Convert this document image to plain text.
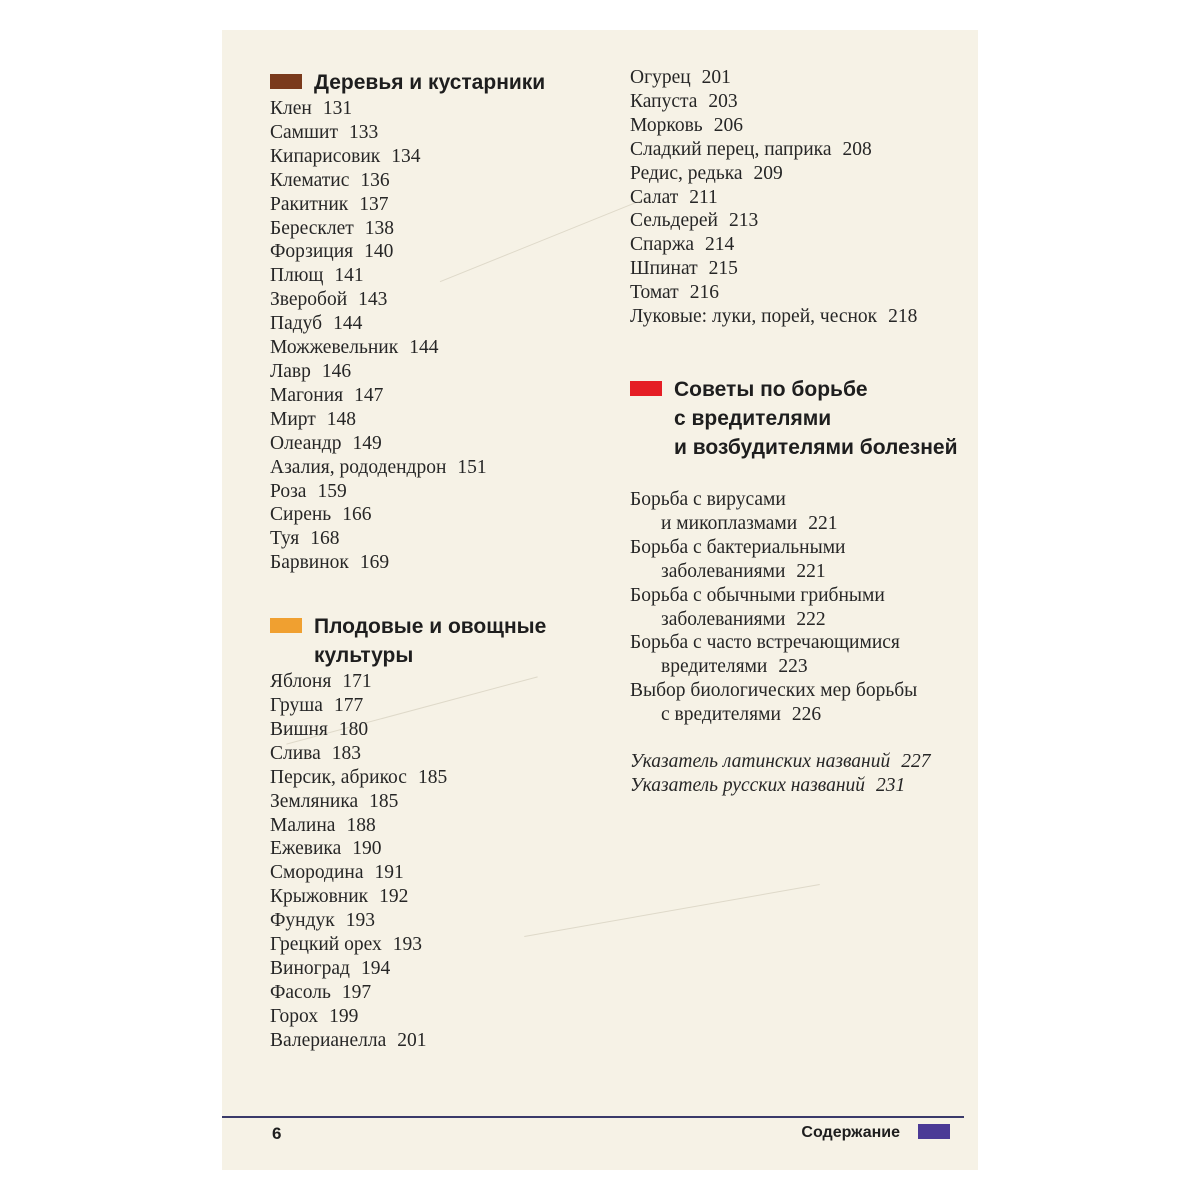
Деревья и кустарники
Клен 131
Самшит 133
Кипарисовик 134
Клематис 136
Ракитник 137
Бересклет 138
Форзиция 140
Плющ 141
Зверобой 143
Падуб 144
Можжевельник 144
Лавр 146
Магония 147
Мирт 148
Олеандр 149
Азалия, рододендрон 151
Роза 159
Сирень 166
Туя 168
Барвинок 169
Плодовые и овощные
культуры
Яблоня 171
Груша 177
Вишня 180
Слива 183
Персик, абрикос 185
Земляника 185
Малина 188
Ежевика 190
Смородина 191
Крыжовник 192
Фундук 193
Грецкий орех 193
Виноград 194
Фасоль 197
Горох 199
Валерианелла 201
Огурец 201
Капуста 203
Морковь 206
Сладкий перец, паприка 208
Редис, редька 209
Салат 211
Сельдерей 213
Спаржа 214
Шпинат 215
Томат 216
Луковые: луки, порей, чеснок 218
Советы по борьбе
с вредителями
и возбудителями болезней
Борьба с вирусами
и микоплазмами 221
Борьба с бактериальными
заболеваниями 221
Борьба с обычными грибными
заболеваниями 222
Борьба с часто встречающимися
вредителями 223
Выбор биологических мер борьбы
с вредителями 226
Указатель латинских названий 227
Указатель русских названий 231
6	Содержание
